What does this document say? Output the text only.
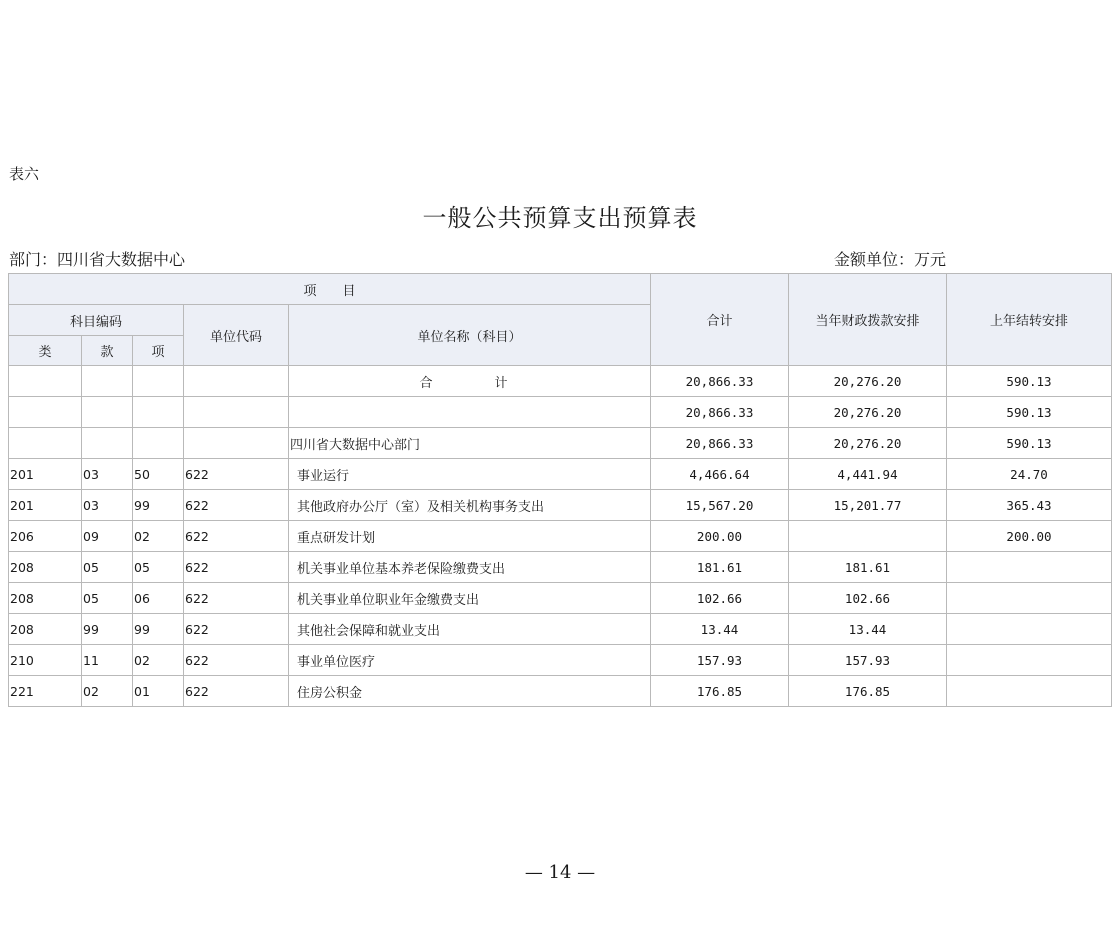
表六
一般公共预算支出预算表
部门：四川省大数据中心	金额单位：万元
项　　目					合计	当年财政拨款安排	上年结转安排
科目编码			单位代码	单位名称（科目）			
类	款	项					
				合　　计	20,866.33	20,276.20	590.13
					20,866.33	20,276.20	590.13
				四川省大数据中心部门	20,866.33	20,276.20	590.13
201	03	50	622	事业运行	4,466.64	4,441.94	24.70
201	03	99	622	其他政府办公厅（室）及相关机构事务支出	15,567.20	15,201.77	365.43
206	09	02	622	重点研发计划	200.00		200.00
208	05	05	622	机关事业单位基本养老保险缴费支出	181.61	181.61	
208	05	06	622	机关事业单位职业年金缴费支出	102.66	102.66	
208	99	99	622	其他社会保障和就业支出	13.44	13.44	
210	11	02	622	事业单位医疗	157.93	157.93	
221	02	01	622	住房公积金	176.85	176.85	
— 14 —
